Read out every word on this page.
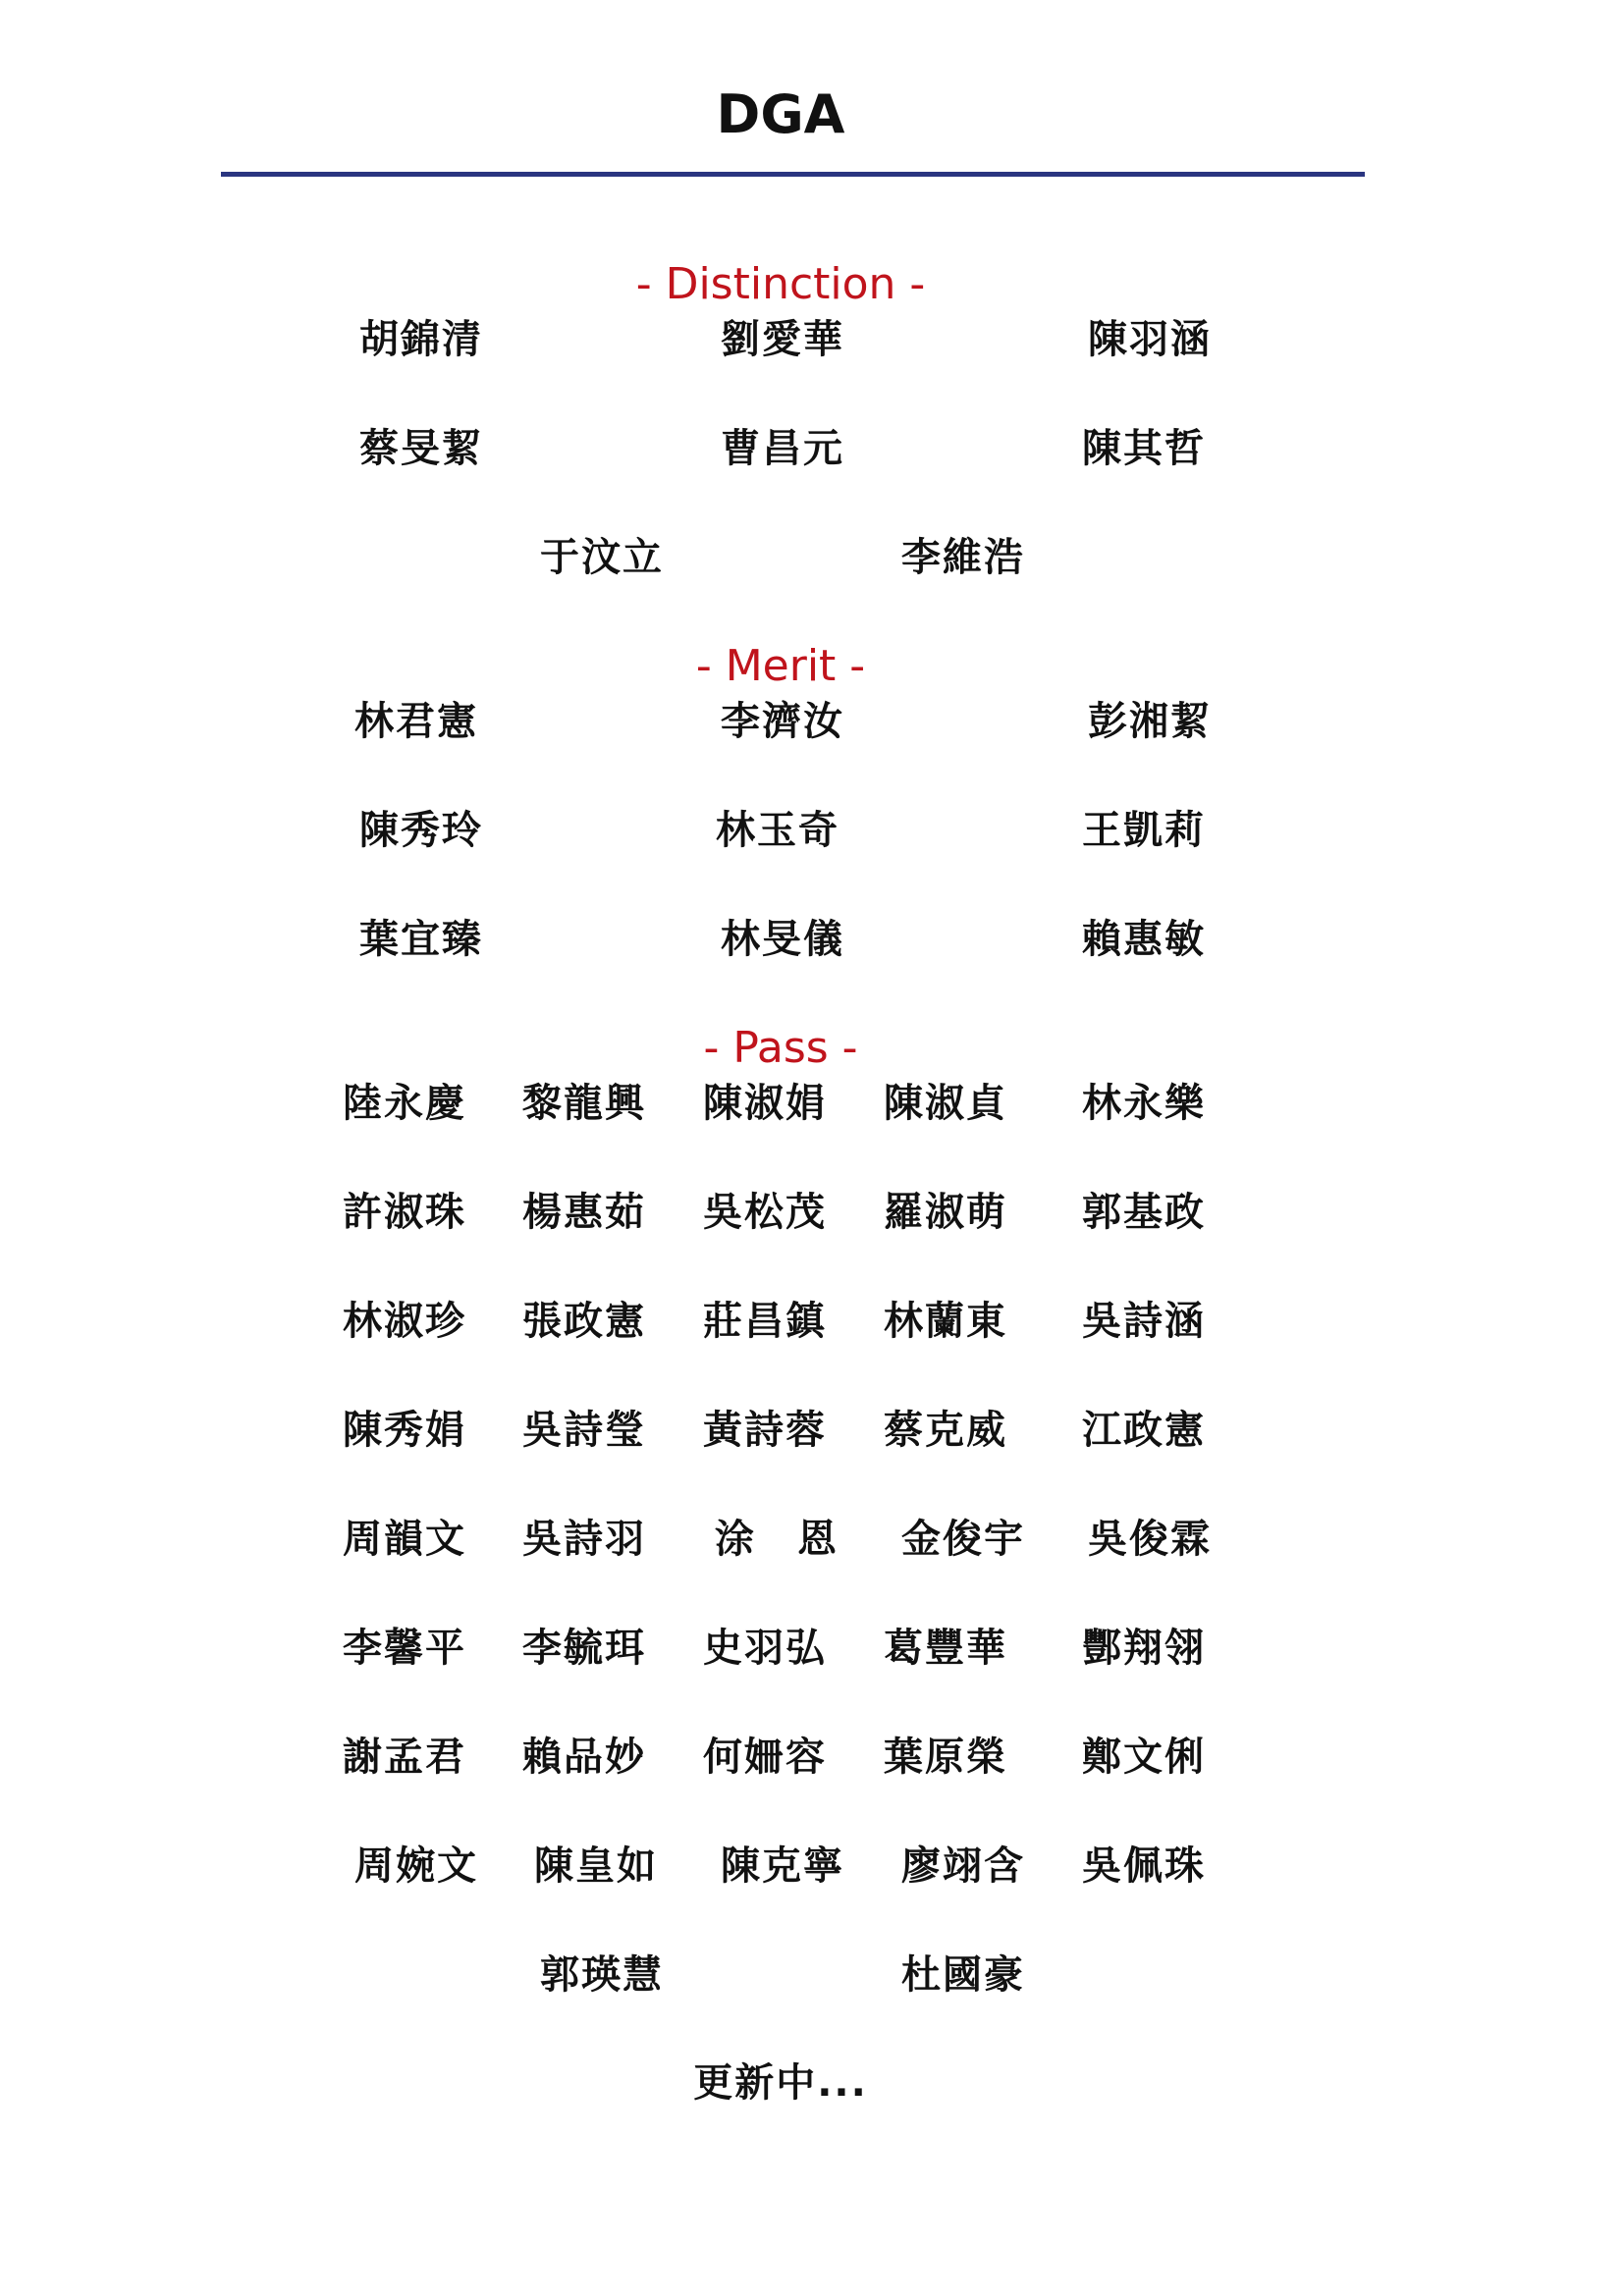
DGA
- Distinction -
胡錦清	劉愛華	陳羽涵
蔡旻絜	曹昌元	陳其哲
于汶立	李維浩
- Merit -
林君憲	李濟汝	彭湘絜
陳秀玲	林玉奇	王凱莉
葉宜臻	林旻儀	賴惠敏
- Pass -
陸永慶	黎龍興	陳淑娟	陳淑貞	林永樂
許淑珠	楊惠茹	吳松茂	羅淑萌	郭基政
林淑珍	張政憲	莊昌鎮	林蘭東	吳詩涵
陳秀娟	吳詩瑩	黃詩蓉	蔡克威	江政憲
周韻文	吳詩羽	涂　恩	金俊宇	吳俊霖
李馨平	李毓珥	史羽弘	葛豐華	酆翔翎
謝孟君	賴品妙	何姍容	葉原榮	鄭文俐
周婉文	陳皇如	陳克寧	廖翊含	吳佩珠
郭瑛慧	杜國豪
更新中...
